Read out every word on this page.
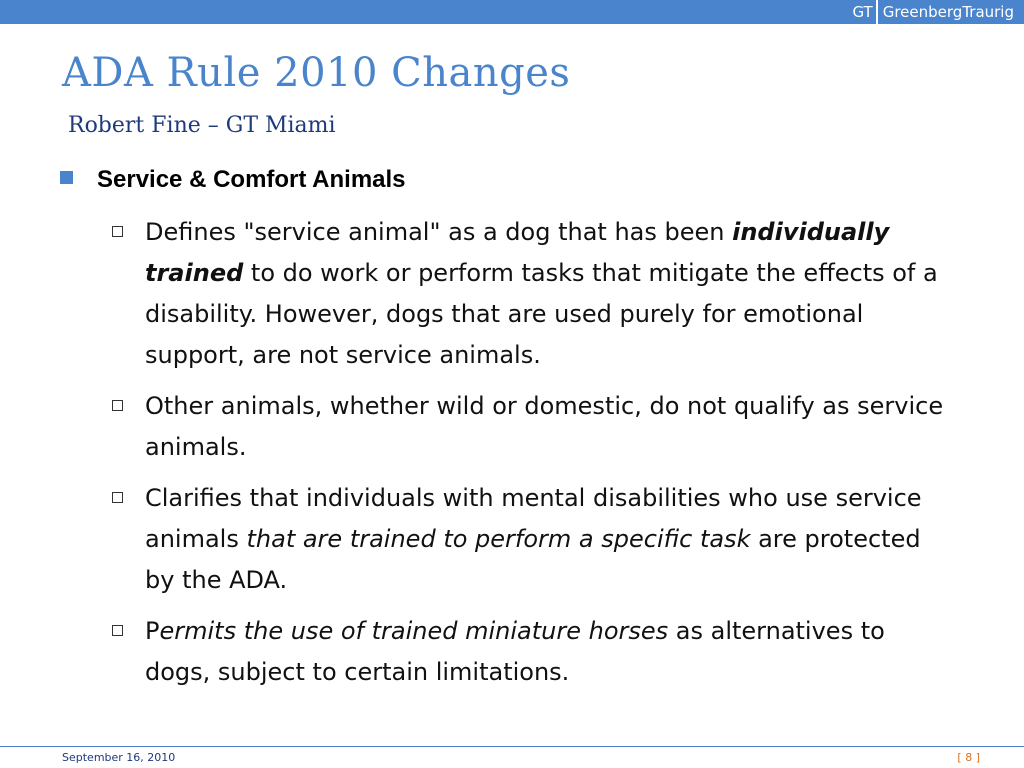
GT GreenbergTraurig
ADA Rule 2010 Changes
Robert Fine – GT Miami
Service & Comfort Animals
Defines "service animal" as a dog that has been individually trained to do work or perform tasks that mitigate the effects of a disability. However, dogs that are used purely for emotional support, are not service animals.
Other animals, whether wild or domestic, do not qualify as service animals.
Clarifies that individuals with mental disabilities who use service animals that are trained to perform a specific task are protected by the ADA.
Permits the use of trained miniature horses as alternatives to dogs, subject to certain limitations.
September 16, 2010	[ 8 ]
